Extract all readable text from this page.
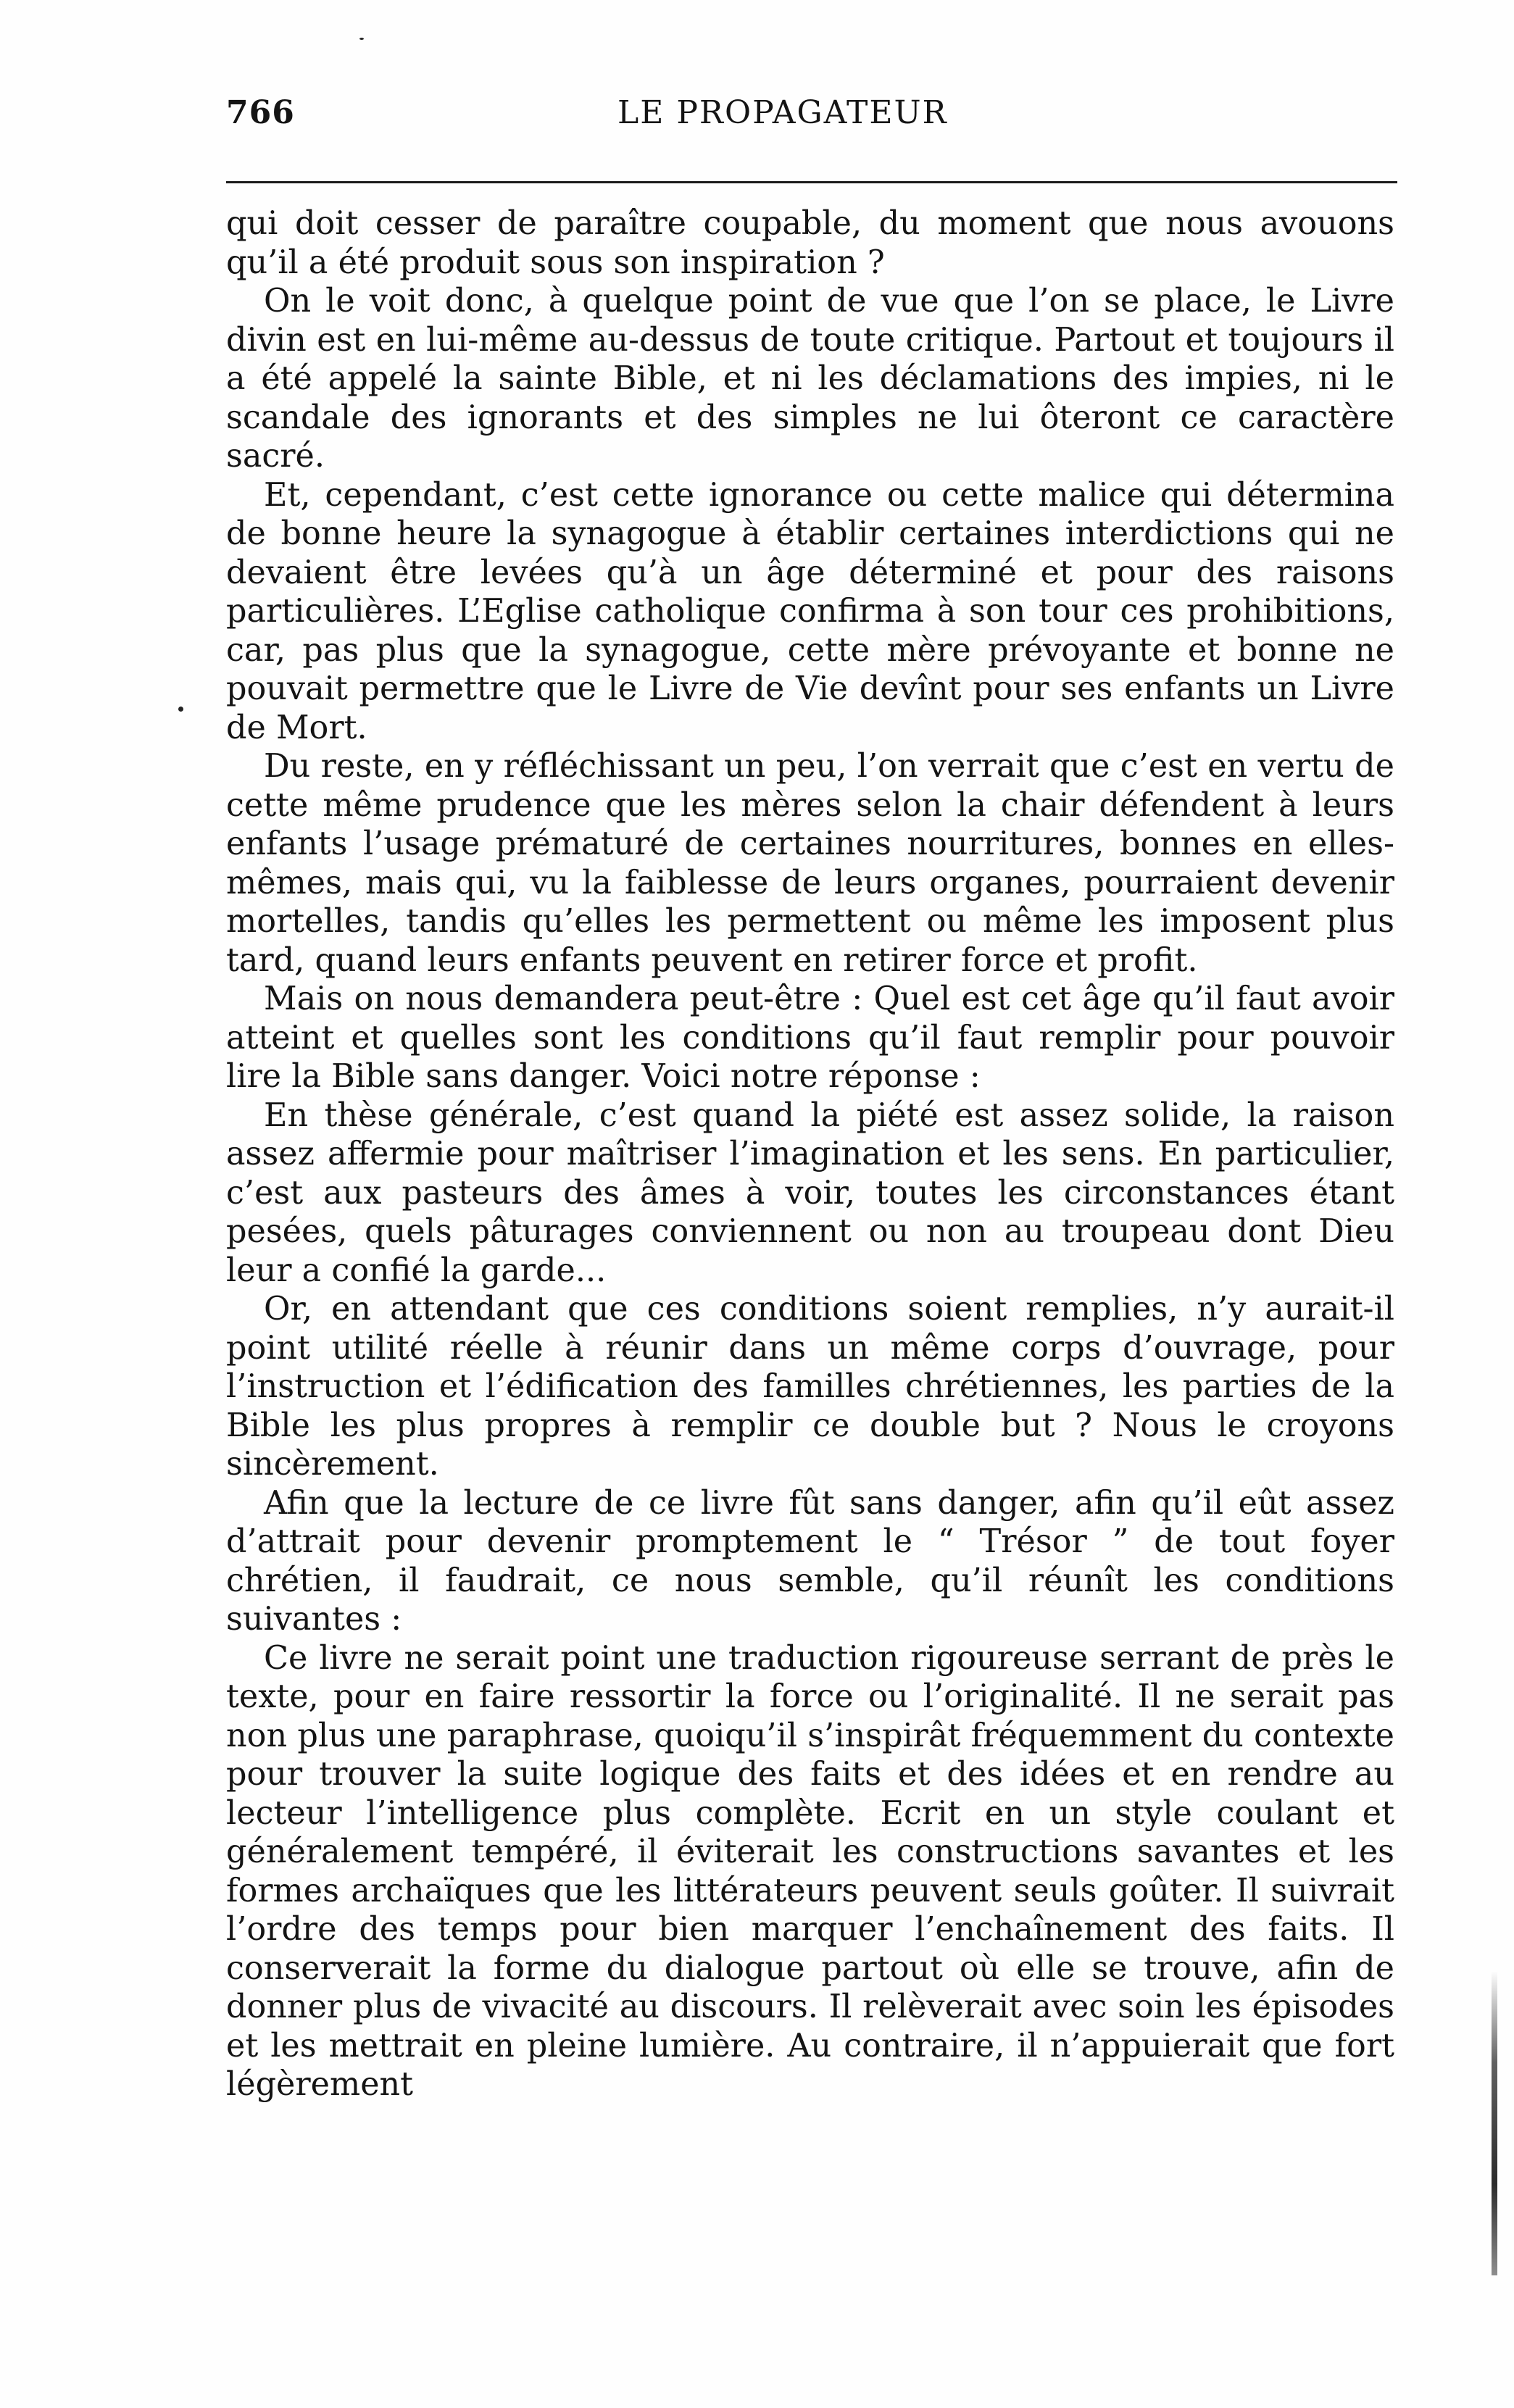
766	LE PROPAGATEUR

qui doit cesser de paraître coupable, du moment que nous avouons qu’il a été produit sous son inspiration ?

On le voit donc, à quelque point de vue que l’on se place, le Livre divin est en lui-même au-dessus de toute critique. Partout et toujours il a été appelé la sainte Bible, et ni les déclamations des impies, ni le scandale des ignorants et des simples ne lui ôteront ce caractère sacré.

Et, cependant, c’est cette ignorance ou cette malice qui détermina de bonne heure la synagogue à établir certaines interdictions qui ne devaient être levées qu’à un âge déterminé et pour des raisons particulières. L’Eglise catholique confirma à son tour ces prohibitions, car, pas plus que la synagogue, cette mère prévoyante et bonne ne pouvait permettre que le Livre de Vie devînt pour ses enfants un Livre de Mort.

Du reste, en y réfléchissant un peu, l’on verrait que c’est en vertu de cette même prudence que les mères selon la chair défendent à leurs enfants l’usage prématuré de certaines nourritures, bonnes en elles-mêmes, mais qui, vu la faiblesse de leurs organes, pourraient devenir mortelles, tandis qu’elles les permettent ou même les imposent plus tard, quand leurs enfants peuvent en retirer force et profit.

Mais on nous demandera peut-être : Quel est cet âge qu’il faut avoir atteint et quelles sont les conditions qu’il faut remplir pour pouvoir lire la Bible sans danger. Voici notre réponse :

En thèse générale, c’est quand la piété est assez solide, la raison assez affermie pour maîtriser l’imagination et les sens. En particulier, c’est aux pasteurs des âmes à voir, toutes les circonstances étant pesées, quels pâturages conviennent ou non au troupeau dont Dieu leur a confié la garde...

Or, en attendant que ces conditions soient remplies, n’y aurait-il point utilité réelle à réunir dans un même corps d’ouvrage, pour l’instruction et l’édification des familles chrétiennes, les parties de la Bible les plus propres à remplir ce double but ? Nous le croyons sincèrement.

Afin que la lecture de ce livre fût sans danger, afin qu’il eût assez d’attrait pour devenir promptement le “ Trésor ” de tout foyer chrétien, il faudrait, ce nous semble, qu’il réunît les conditions suivantes :

Ce livre ne serait point une traduction rigoureuse serrant de près le texte, pour en faire ressortir la force ou l’originalité. Il ne serait pas non plus une paraphrase, quoiqu’il s’inspirât fréquemment du contexte pour trouver la suite logique des faits et des idées et en rendre au lecteur l’intelligence plus complète. Ecrit en un style coulant et généralement tempéré, il éviterait les constructions savantes et les formes archaïques que les littérateurs peuvent seuls goûter. Il suivrait l’ordre des temps pour bien marquer l’enchaînement des faits. Il conserverait la forme du dialogue partout où elle se trouve, afin de donner plus de vivacité au discours. Il relèverait avec soin les épisodes et les mettrait en pleine lumière. Au contraire, il n’appuierait que fort légèrement
